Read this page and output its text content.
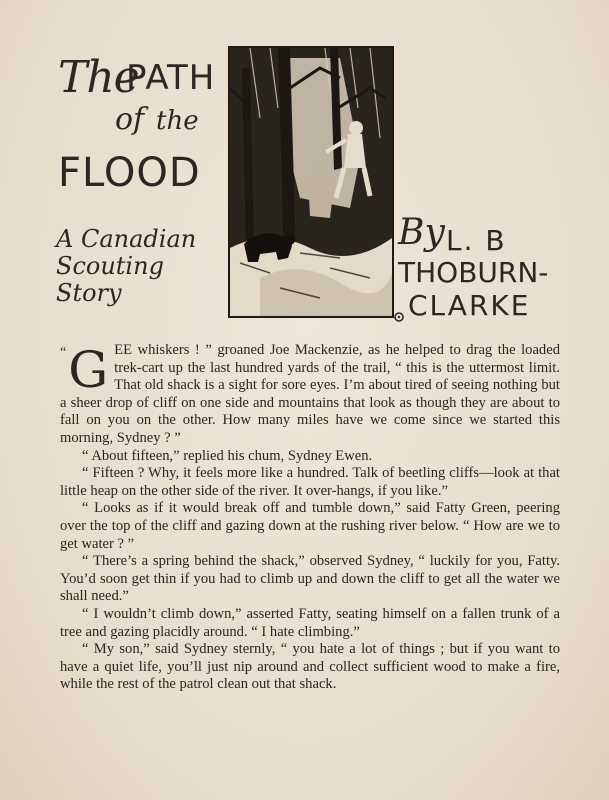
The
PATH
of the
FLOOD
A Canadian
Scouting
Story
By L. B
THOBURN-
CLARKE

“ G EE whiskers ! ” groaned Joe Mackenzie, as he helped to drag the loaded trek-cart up the last hundred yards of the trail, “ this is the uttermost limit. That old shack is a sight for sore eyes. I’m about tired of seeing nothing but a sheer drop of cliff on one side and mountains that look as though they are about to fall on you on the other. How many miles have we come since we started this morning, Sydney ? ”

“ About fifteen,” replied his chum, Sydney Ewen.

“ Fifteen ? Why, it feels more like a hundred. Talk of beetling cliffs—look at that little heap on the other side of the river. It over-hangs, if you like.”

“ Looks as if it would break off and tumble down,” said Fatty Green, peering over the top of the cliff and gazing down at the rushing river below. “ How are we to get water ? ”

“ There’s a spring behind the shack,” observed Sydney, “ luckily for you, Fatty. You’d soon get thin if you had to climb up and down the cliff to get all the water we shall need.”

“ I wouldn’t climb down,” asserted Fatty, seating himself on a fallen trunk of a tree and gazing placidly around. “ I hate climbing.”

“ My son,” said Sydney sternly, “ you hate a lot of things ; but if you want to have a quiet life, you’ll just nip around and collect sufficient wood to make a fire, while the rest of the patrol clean out that shack.
